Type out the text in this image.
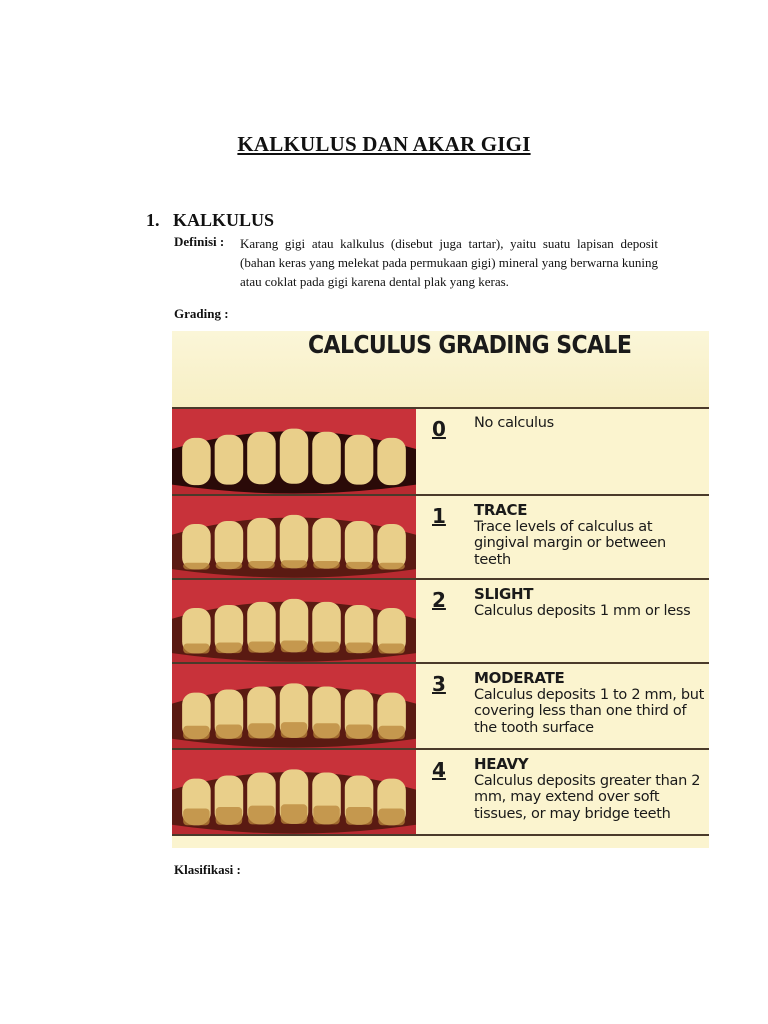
KALKULUS DAN AKAR GIGI
1. KALKULUS
Definisi :	Karang gigi atau kalkulus (disebut juga tartar), yaitu suatu lapisan deposit (bahan keras yang melekat pada permukaan gigi) mineral yang berwarna kuning atau coklat pada gigi karena dental plak yang keras.
Grading :
CALCULUS GRADING SCALE
0 No calculus
1 TRACE
Trace levels of calculus at gingival margin or between teeth
2 SLIGHT
Calculus deposits 1 mm or less
3 MODERATE
Calculus deposits 1 to 2 mm, but covering less than one third of the tooth surface
4 HEAVY
Calculus deposits greater than 2 mm, may extend over soft tissues, or may bridge teeth
Klasifikasi :
